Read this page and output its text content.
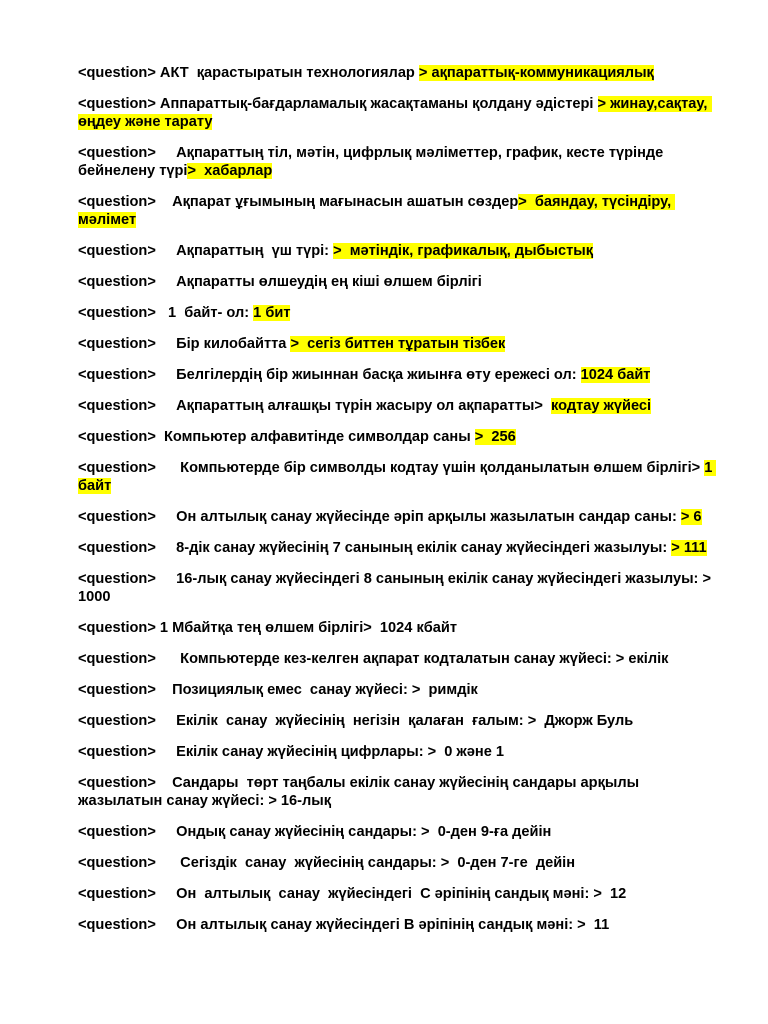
<question> АКТ  қарастыратын технологиялар > ақпараттық-коммуникациялық

<question> Аппараттық-бағдарламалық жасақтаманы қолдану әдістері > жинау,сақтау, өңдеу және тарату

<question>     Ақпараттың тіл, мәтін, цифрлық мәліметтер, график, кесте түрінде бейнелену түрі>  хабарлар

<question>    Ақпарат ұғымының мағынасын ашатын сөздер>  баяндау, түсіндіру, мәлімет

<question>     Ақпараттың  үш түрі: >  мәтіндік, графикалық, дыбыстық

<question>     Ақпаратты өлшеудің ең кіші өлшем бірлігі

<question>   1  байт- ол: 1 бит

<question>     Бір килобайтта >  сегіз биттен тұратын тізбек

<question>     Белгілердің бір жиыннан басқа жиынға өту ережесі ол: 1024 байт

<question>     Ақпараттың алғашқы түрін жасыру ол ақпаратты>  кодтау жүйесі

<question>  Компьютер алфавитінде символдар саны >  256

<question>      Компьютерде бір символды кодтау үшін қолданылатын өлшем бірлігі> 1 байт

<question>     Он алтылық санау жүйесінде әріп арқылы жазылатын сандар саны: > 6

<question>     8-дік санау жүйесінің 7 санының екілік санау жүйесіндегі жазылуы: > 111

<question>     16-лық санау жүйесіндегі 8 санының екілік санау жүйесіндегі жазылуы: > 1000

<question> 1 Мбайтқа тең өлшем бірлігі>  1024 кбайт

<question>      Компьютерде кез-келген ақпарат кодталатын санау жүйесі: > екілік

<question>    Позициялық емес  санау жүйесі: >  римдік

<question>     Екілік  санау  жүйесінің  негізін  қалаған  ғалым: >  Джорж Буль

<question>     Екілік санау жүйесінің цифрлары: >  0 және 1

<question>    Сандары  төрт таңбалы екілік санау жүйесінің сандары арқылы жазылатын санау жүйесі: > 16-лық

<question>     Ондық санау жүйесінің сандары: >  0-ден 9-ға дейін

<question>      Сегіздік  санау  жүйесінің сандары: >  0-ден 7-ге  дейін

<question>     Он  алтылық  санау  жүйесіндегі  С әріпінің сандық мәні: >  12

<question>     Он алтылық санау жүйесіндегі В әріпінің сандық мәні: >  11
